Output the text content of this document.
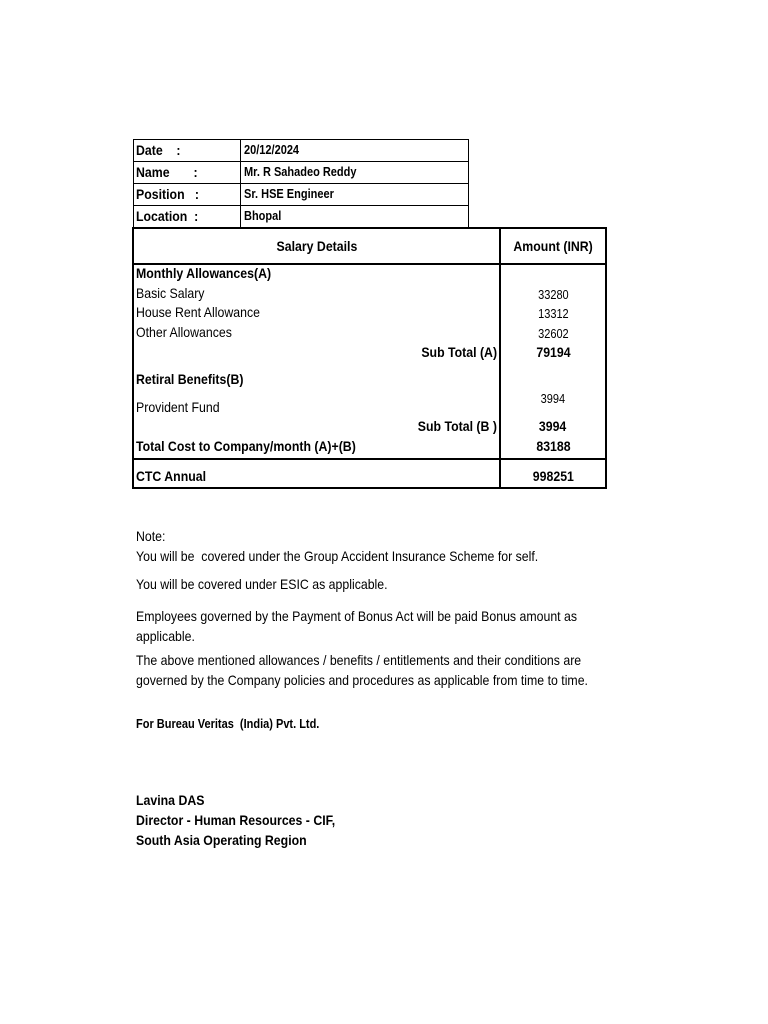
Date    :	20/12/2024
Name       :	Mr. R Sahadeo Reddy
Position   :	Sr. HSE Engineer
Location  :	Bhopal
Salary Details	Amount (INR)
Monthly Allowances(A)
Basic Salary	33280
House Rent Allowance	13312
Other Allowances	32602
Sub Total (A)	79194
Retiral Benefits(B)
Provident Fund	3994
Sub Total (B )	3994
Total Cost to Company/month (A)+(B)	83188
CTC Annual	998251
Note:
You will be  covered under the Group Accident Insurance Scheme for self.
You will be covered under ESIC as applicable.
Employees governed by the Payment of Bonus Act will be paid Bonus amount as applicable.
The above mentioned allowances / benefits / entitlements and their conditions are governed by the Company policies and procedures as applicable from time to time.
For Bureau Veritas  (India) Pvt. Ltd.
Lavina DAS
Director - Human Resources - CIF,
South Asia Operating Region
